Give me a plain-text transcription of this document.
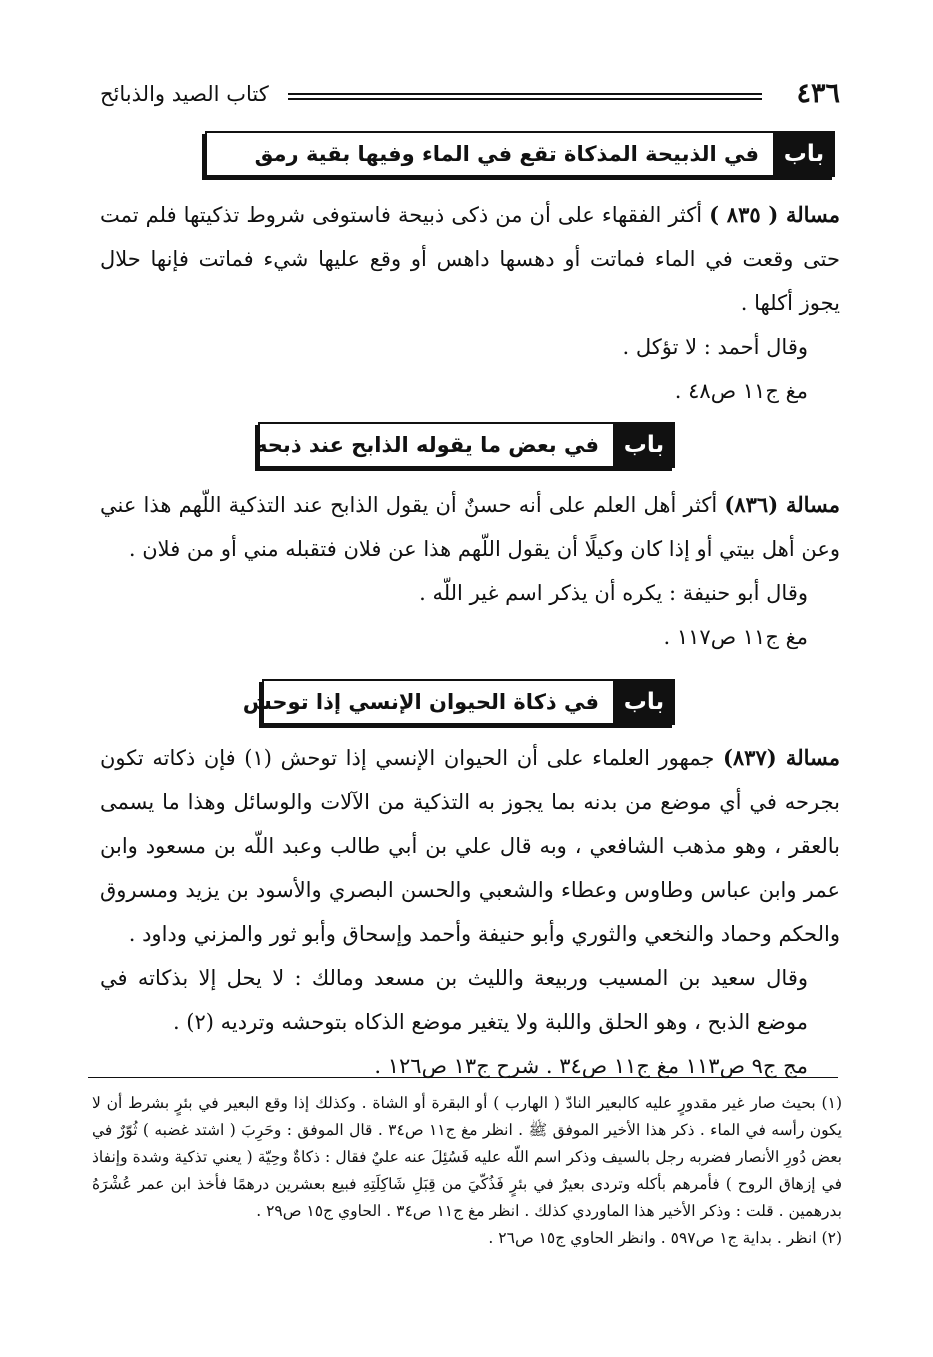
٤٣٦
كتاب الصيد والذبائح
باب
في الذبيحة المذكاة تقع في الماء وفيها بقية رمق

مسالة ( ٨٣٥ ) أكثر الفقهاء على أن من ذكى ذبيحة فاستوفى شروط تذكيتها فلم تمت حتى وقعت في الماء فماتت أو دهسها داهس أو وقع عليها شيء فماتت فإنها حلال يجوز أكلها .

وقال أحمد : لا تؤكل .

مغ ج١١ ص٤٨ .

باب
في بعض ما يقوله الذابح عند ذبحه

مسالة (٨٣٦) أكثر أهل العلم على أنه حسنٌ أن يقول الذابح عند التذكية اللّهم هذا عني وعن أهل بيتي أو إذا كان وكيلًا أن يقول اللّهم هذا عن فلان فتقبله مني أو من فلان .

وقال أبو حنيفة : يكره أن يذكر اسم غير اللّه .

مغ ج١١ ص١١٧ .

باب
في ذكاة الحيوان الإنسي إذا توحش

مسالة (٨٣٧) جمهور العلماء على أن الحيوان الإنسي إذا توحش (١) فإن ذكاته تكون بجرحه في أي موضع من بدنه بما يجوز به التذكية من الآلات والوسائل وهذا ما يسمى بالعقر ، وهو مذهب الشافعي ، وبه قال علي بن أبي طالب وعبد اللّه بن مسعود وابن عمر وابن عباس وطاوس وعطاء والشعبي والحسن البصري والأسود بن يزيد ومسروق والحكم وحماد والنخعي والثوري وأبو حنيفة وأحمد وإسحاق وأبو ثور والمزني وداود .

وقال سعيد بن المسيب وربيعة والليث بن مسعد ومالك : لا يحل إلا بذكاته في موضع الذبح ، وهو الحلق واللبة ولا يتغير موضع الذكاه بتوحشه وترديه (٢) .

مج ج٩ ص١١٣ مغ ج١١ ص٣٤ . شرح ج١٣ ص١٢٦ .

(١) بحيث صار غير مقدورٍ عليه كالبعير النادّ ( الهارب ) أو البقرة أو الشاة . وكذلك إذا وقع البعير في بئرٍ بشرط أن لا يكون رأسه في الماء . ذكر هذا الأخير الموفق ﷺ . انظر مغ ج١١ ص٣٤ . قال الموفق : وحَرِبَ ( اشتد غضبه ) ثُوّرٌ في بعض دُورِ الأنصار فضربه رجل بالسيف وذكر اسم اللّه عليه فَسُئِلَ عنه عليٌ فقال : ذكاةٌ وحِيّة ( يعني تذكية وشدة وإنفاذ في إزهاق الروح ) فأمرهم بأكله وتردى بعيرٌ في بئرٍ فَذُكّيَ من قِبَلِ شَاكِلَتِهِ فبيع بعشرين درهمًا فأخذ ابن عمر عُشْرَهُ بدرهمين . قلت : وذكر الأخير هذا الماوردي كذلك . انظر مغ ج١١ ص٣٤ . الحاوي ج١٥ ص٢٩ .

(٢) انظر . بداية ج١ ص٥٩٧ . وانظر الحاوي ج١٥ ص٢٦ .
